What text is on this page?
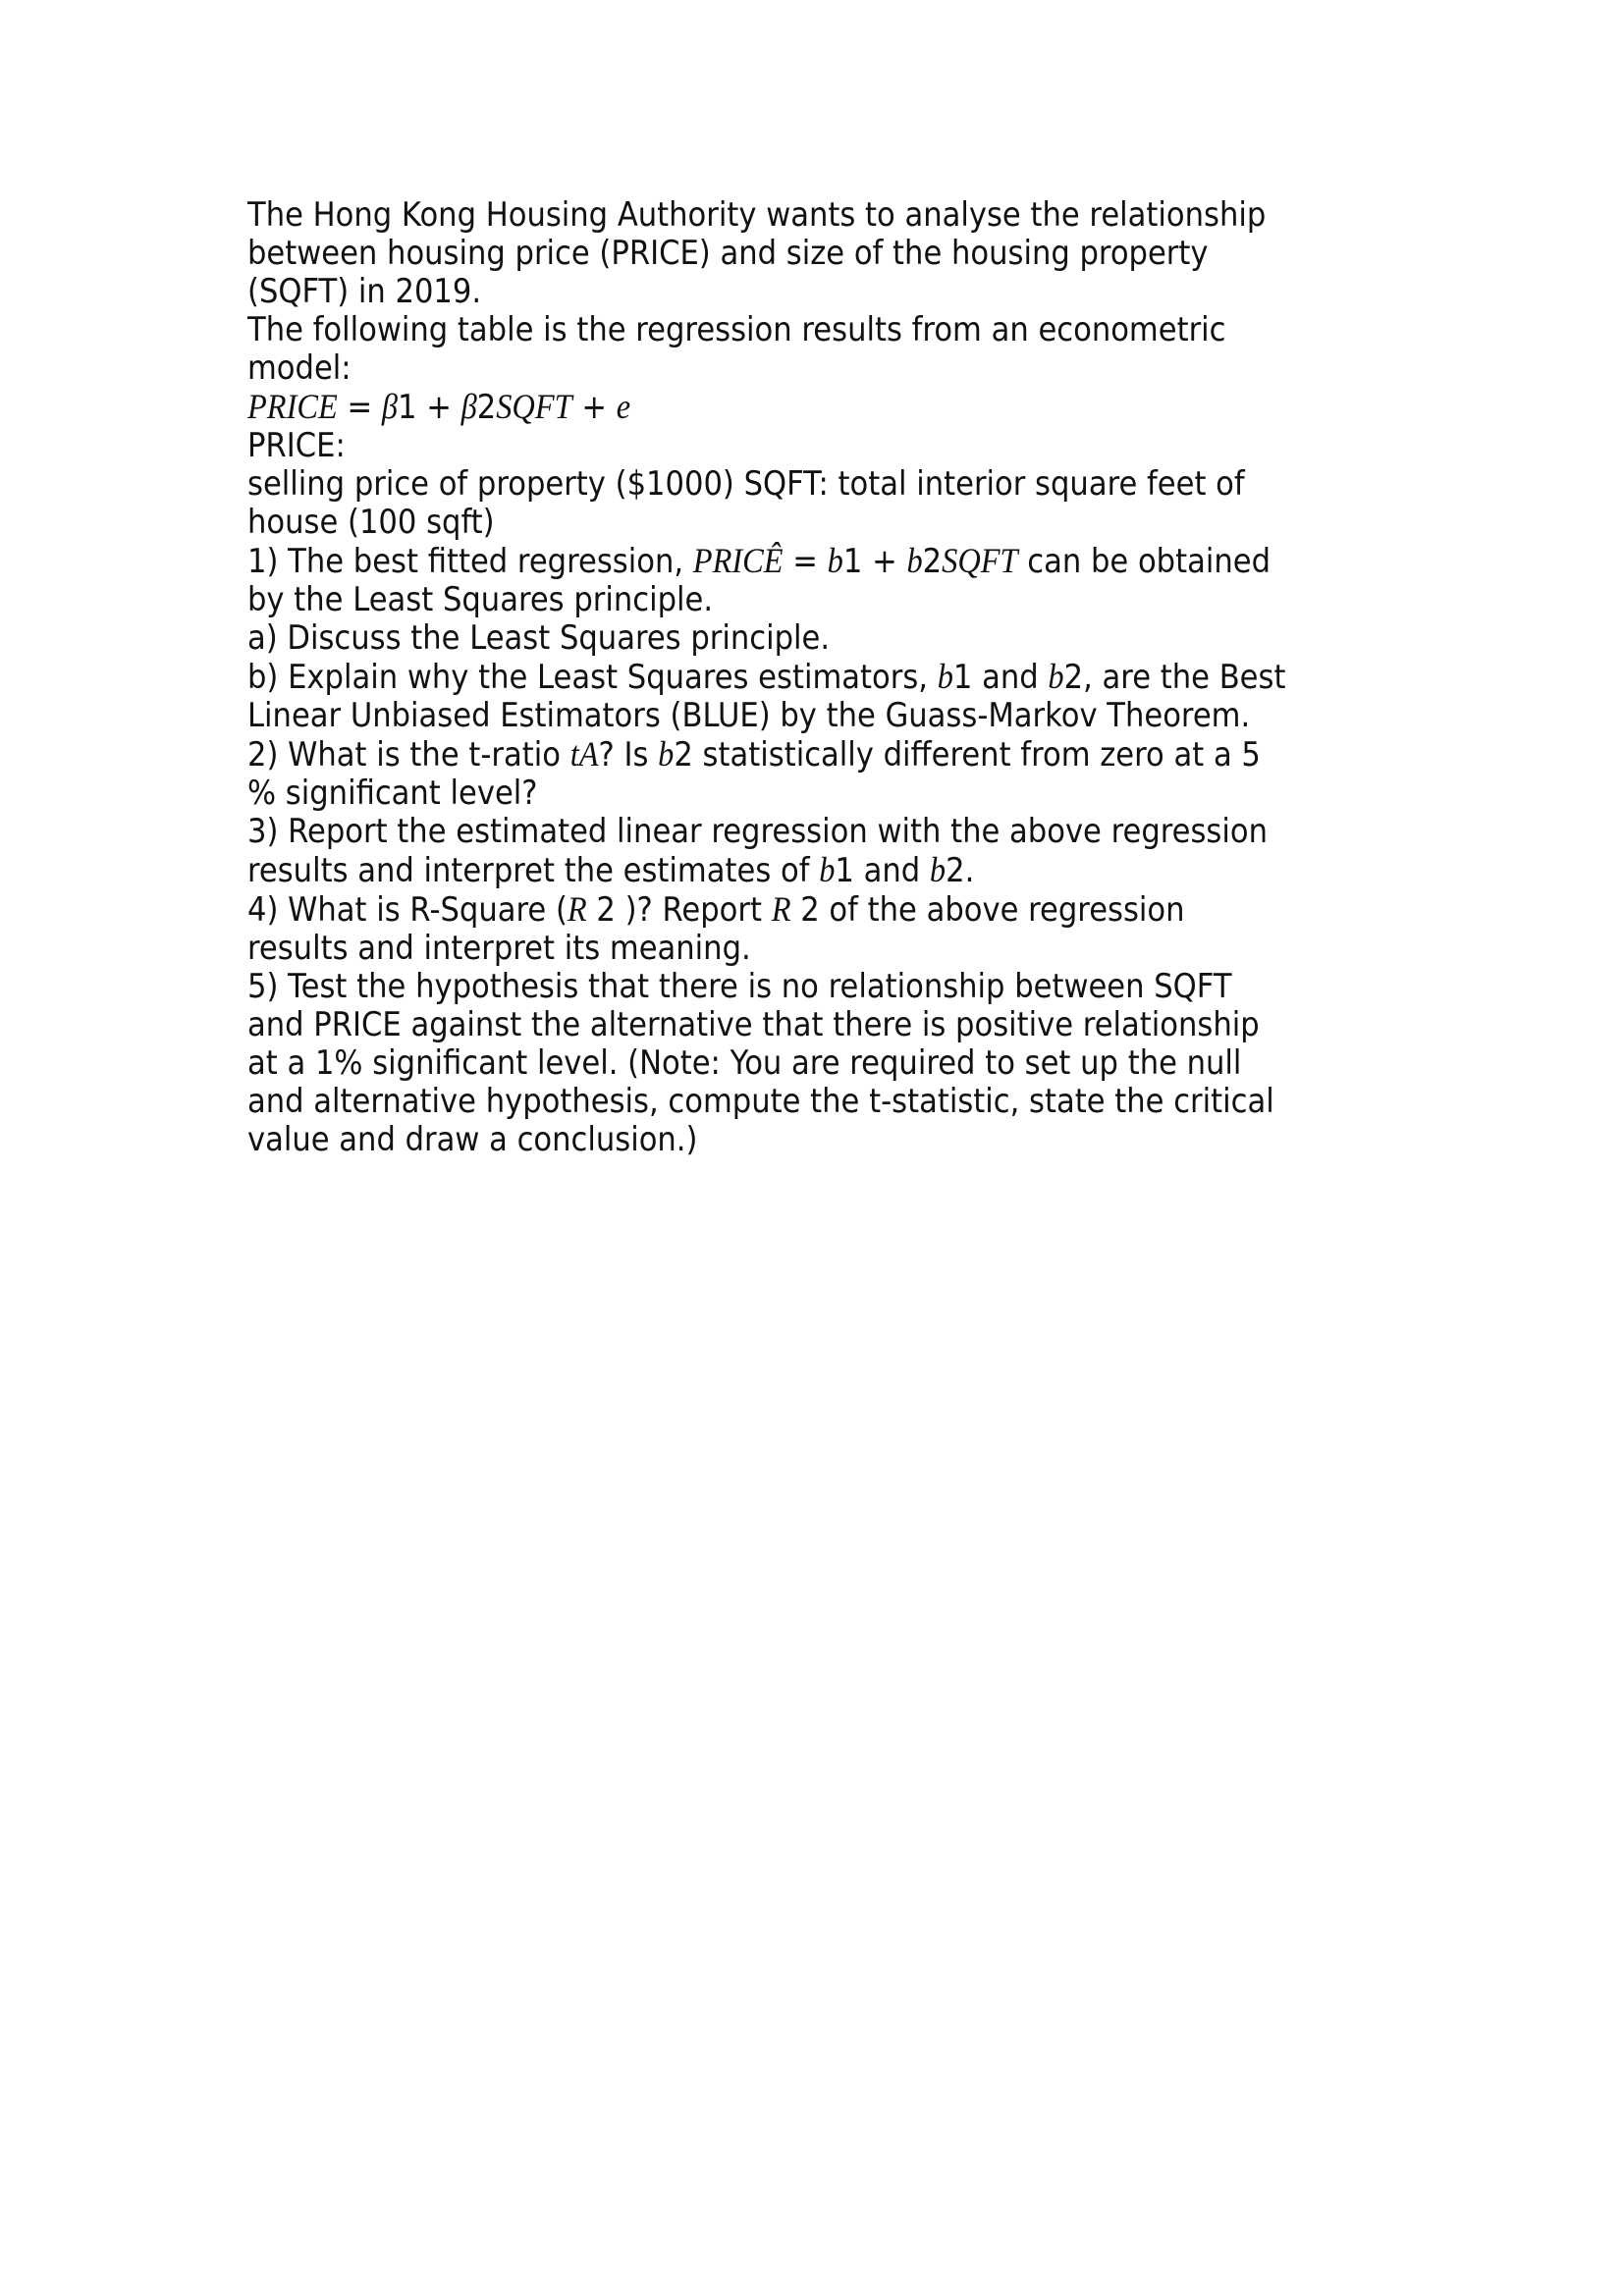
The Hong Kong Housing Authority wants to analyse the relationship
between housing price (PRICE) and size of the housing property
(SQFT) in 2019.
The following table is the regression results from an econometric
model:
PRICE = β1 + β2SQFT + e
PRICE:
selling price of property ($1000) SQFT: total interior square feet of
house (100 sqft)
1) The best fitted regression, PRICÊ = b1 + b2SQFT can be obtained
by the Least Squares principle.
a) Discuss the Least Squares principle.
b) Explain why the Least Squares estimators, b1 and b2, are the Best
Linear Unbiased Estimators (BLUE) by the Guass-Markov Theorem.
2) What is the t-ratio tA? Is b2 statistically different from zero at a 5
% significant level?
3) Report the estimated linear regression with the above regression
results and interpret the estimates of b1 and b2.
4) What is R-Square (R 2 )? Report R 2 of the above regression
results and interpret its meaning.
5) Test the hypothesis that there is no relationship between SQFT
and PRICE against the alternative that there is positive relationship
at a 1% significant level. (Note: You are required to set up the null
and alternative hypothesis, compute the t-statistic, state the critical
value and draw a conclusion.)
